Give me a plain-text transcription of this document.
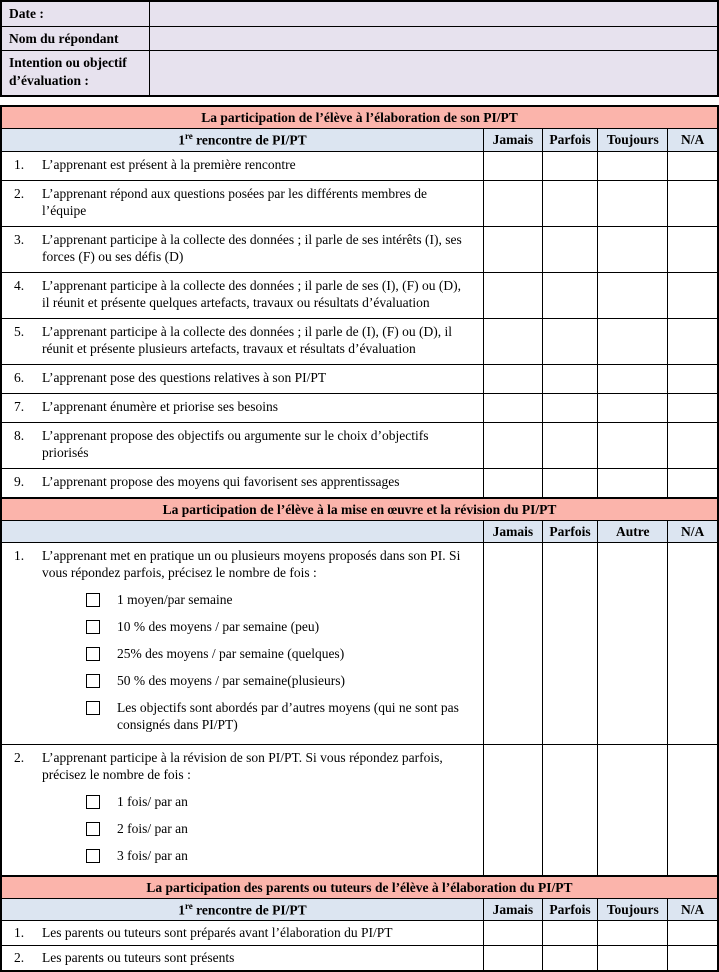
Date :	
Nom du répondant	
Intention ou objectif d’évaluation :	
La participation de l’élève à l’élaboration de son PI/PT				
1re rencontre de PI/PT	Jamais	Parfois	Toujours	N/A

1. L’apprenant est présent à la première rencontre				

2. L’apprenant répond aux questions posées par les différents membres de l’équipe				

3. L’apprenant participe à la collecte des données ; il parle de ses intérêts (I), ses forces (F) ou ses défis (D)				

4. L’apprenant participe à la collecte des données ; il parle de ses (I), (F) ou (D), il réunit et présente quelques artefacts, travaux ou résultats d’évaluation				

5. L’apprenant participe à la collecte des données ; il parle de (I), (F) ou (D), il réunit et présente plusieurs artefacts, travaux et résultats d’évaluation				

6. L’apprenant pose des questions relatives à son PI/PT				

7. L’apprenant énumère et priorise ses besoins				

8. L’apprenant propose des objectifs ou argumente sur le choix d’objectifs priorisés				

9. L’apprenant propose des moyens qui favorisent ses apprentissages				

La participation de l’élève à la mise en œuvre et la révision du PI/PT				
	Jamais	Parfois	Autre	N/A

1.	L’apprenant met en pratique un ou plusieurs moyens proposés dans son PI. Si vous répondez parfois, précisez le nombre de fois :
1 moyen/par semaine
10 % des moyens / par semaine (peu)
25% des moyens / par semaine (quelques)
50 % des moyens / par semaine(plusieurs)
Les objectifs sont abordés par d’autres moyens (qui ne sont pas consignés dans PI/PT)

2.	L’apprenant participe à la révision de son PI/PT. Si vous répondez parfois, précisez le nombre de fois :
1 fois/ par an
2 fois/ par an
3 fois/ par an

La participation des parents ou tuteurs de l’élève à l’élaboration du PI/PT				
1re rencontre de PI/PT	Jamais	Parfois	Toujours	N/A

1. Les parents ou tuteurs sont préparés avant l’élaboration du PI/PT				

2. Les parents ou tuteurs sont présents				
